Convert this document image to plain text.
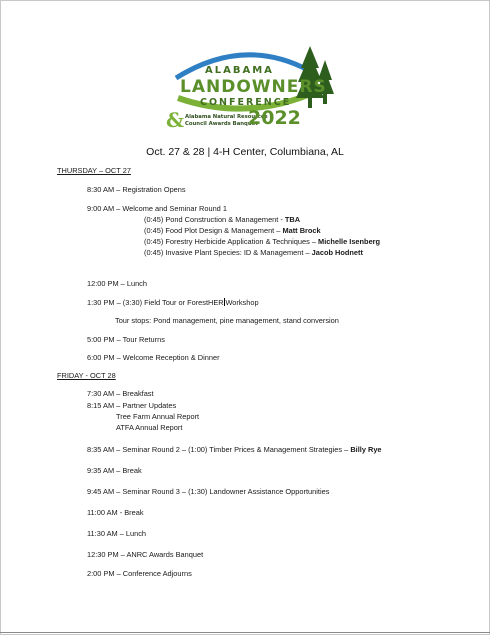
ALABAMA
LANDOWNERS
CONFERENCE
& Alabama Natural Resources
Council Awards Banquet
2022
Oct. 27 & 28 | 4-H Center, Columbiana, AL
THURSDAY – OCT 27
8:30 AM – Registration Opens
9:00 AM – Welcome and Seminar Round 1
(0:45) Pond Construction & Management - TBA
(0:45) Food Plot Design & Management – Matt Brock
(0:45) Forestry Herbicide Application & Techniques – Michelle Isenberg
(0:45) Invasive Plant Species: ID & Management – Jacob Hodnett
12:00 PM – Lunch
1:30 PM – (3:30) Field Tour or ForestHER Workshop
Tour stops: Pond management, pine management, stand conversion
5:00 PM – Tour Returns
6:00 PM – Welcome Reception & Dinner
FRIDAY - OCT 28
7:30 AM – Breakfast
8:15 AM – Partner Updates
Tree Farm Annual Report
ATFA Annual Report
8:35 AM – Seminar Round 2 – (1:00) Timber Prices & Management Strategies – Billy Rye
9:35 AM – Break
9:45 AM – Seminar Round 3 – (1:30) Landowner Assistance Opportunities
11:00 AM - Break
11:30 AM – Lunch
12:30 PM – ANRC Awards Banquet
2:00 PM – Conference Adjourns
